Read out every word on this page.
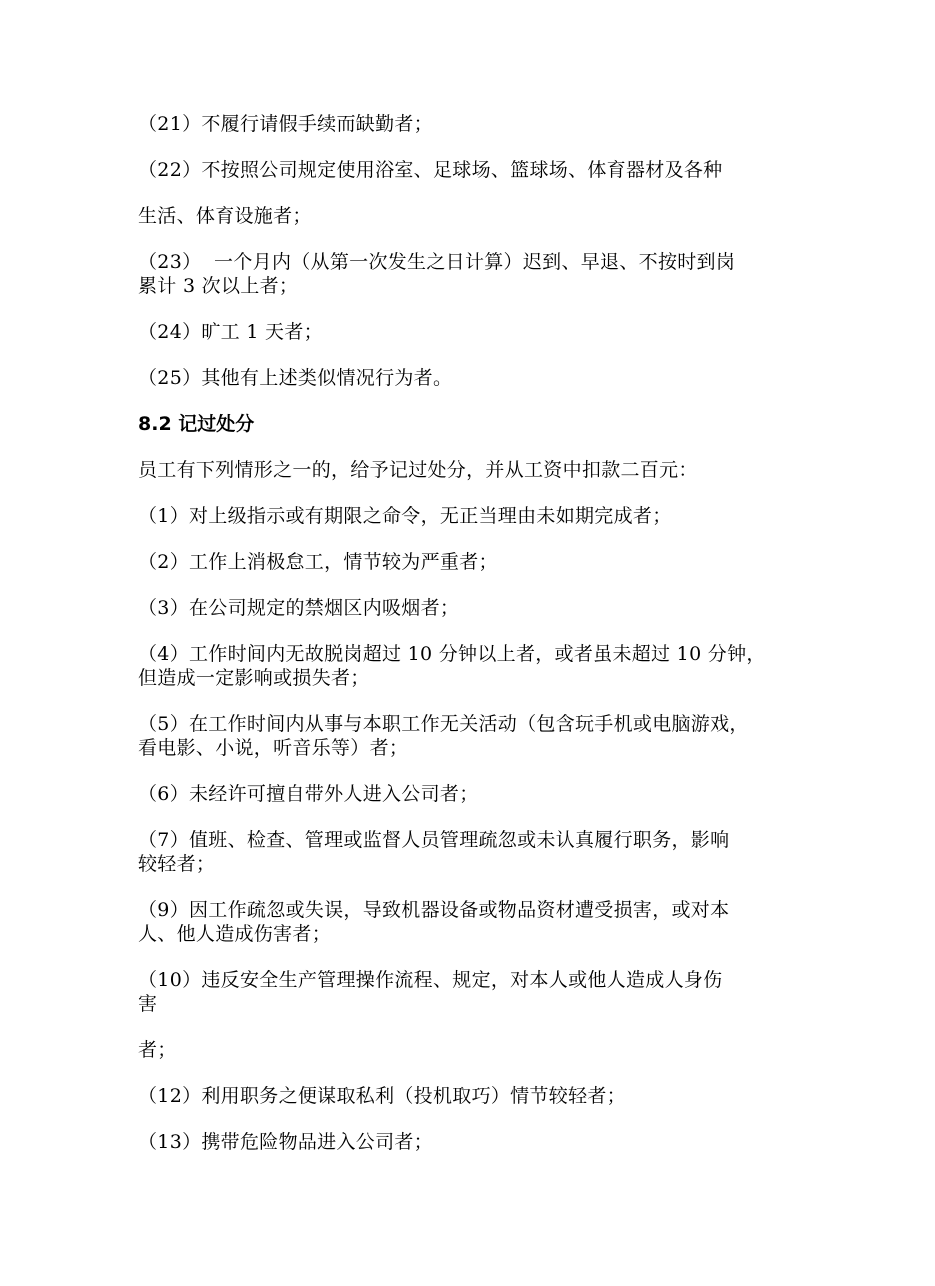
（21）不履行请假手续而缺勤者；
（22）不按照公司规定使用浴室、足球场、篮球场、体育器材及各种
生活、体育设施者；
（23）  一个月内（从第一次发生之日计算）迟到、早退、不按时到岗
累计 3 次以上者；
（24）旷工 1 天者；
（25）其他有上述类似情况行为者。
8.2 记过处分
员工有下列情形之一的，给予记过处分，并从工资中扣款二百元：
（1）对上级指示或有期限之命令，无正当理由未如期完成者；
（2）工作上消极怠工，情节较为严重者；
（3）在公司规定的禁烟区内吸烟者；
（4）工作时间内无故脱岗超过 10 分钟以上者，或者虽未超过 10 分钟，
但造成一定影响或损失者；
（5）在工作时间内从事与本职工作无关活动（包含玩手机或电脑游戏，
看电影、小说，听音乐等）者；
（6）未经许可擅自带外人进入公司者；
（7）值班、检查、管理或监督人员管理疏忽或未认真履行职务，影响
较轻者；
（9）因工作疏忽或失误，导致机器设备或物品资材遭受损害，或对本
人、他人造成伤害者；
（10）违反安全生产管理操作流程、规定，对本人或他人造成人身伤
害
者；
（12）利用职务之便谋取私利（投机取巧）情节较轻者；
（13）携带危险物品进入公司者；
